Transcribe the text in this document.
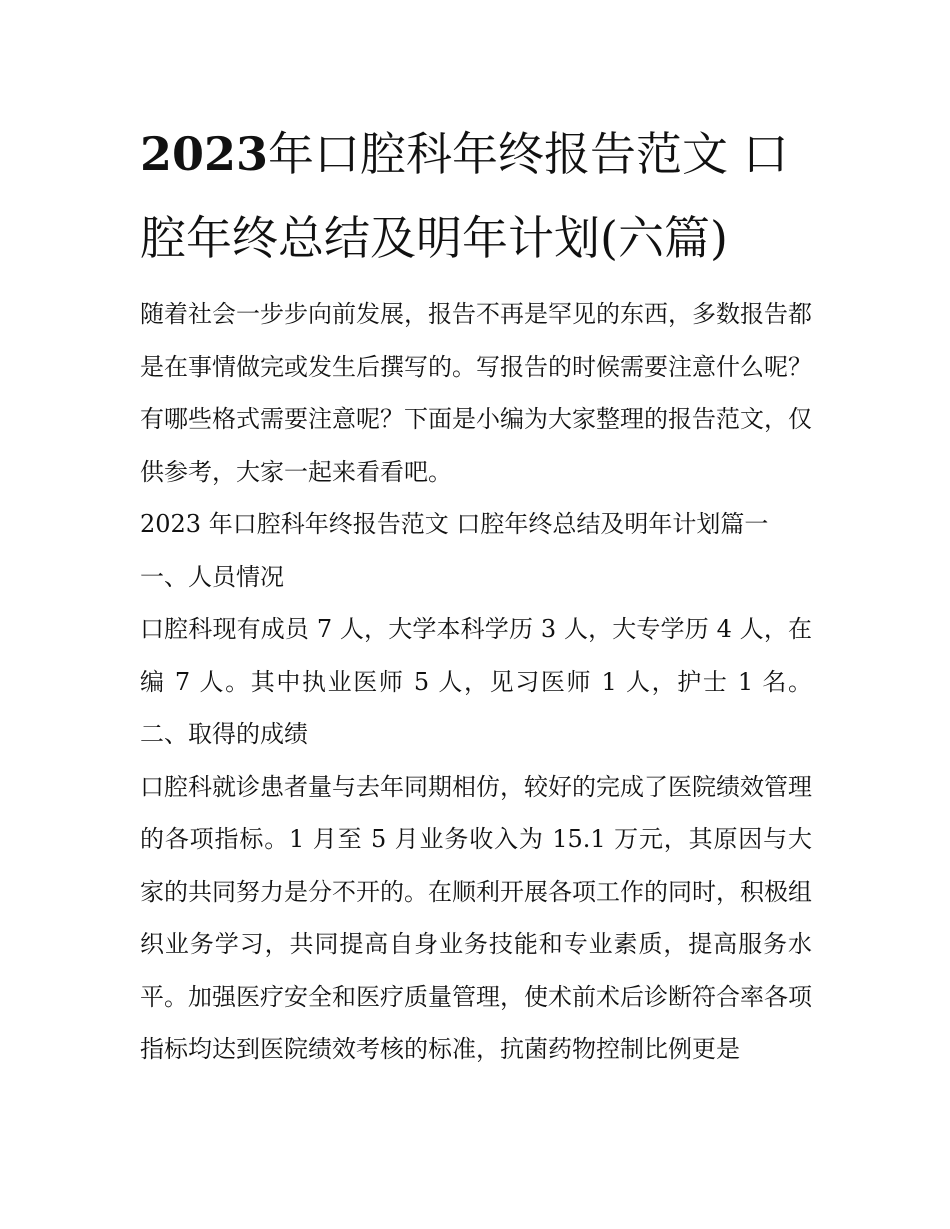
2023年口腔科年终报告范文 口腔年终总结及明年计划(六篇)

随着社会一步步向前发展，报告不再是罕见的东西，多数报告都是在事情做完或发生后撰写的。写报告的时候需要注意什么呢？有哪些格式需要注意呢？下面是小编为大家整理的报告范文，仅供参考，大家一起来看看吧。

2023 年口腔科年终报告范文 口腔年终总结及明年计划篇一

一、人员情况

口腔科现有成员 7 人，大学本科学历 3 人，大专学历 4 人，在编 7 人。其中执业医师 5 人，见习医师 1 人，护士 1 名。 二、取得的成绩

口腔科就诊患者量与去年同期相仿，较好的完成了医院绩效管理的各项指标。1 月至 5 月业务收入为 15.1 万元，其原因与大家的共同努力是分不开的。在顺利开展各项工作的同时，积极组织业务学习，共同提高自身业务技能和专业素质，提高服务水平。加强医疗安全和医疗质量管理，使术前术后诊断符合率各项指标均达到医院绩效考核的标准，抗菌药物控制比例更是
